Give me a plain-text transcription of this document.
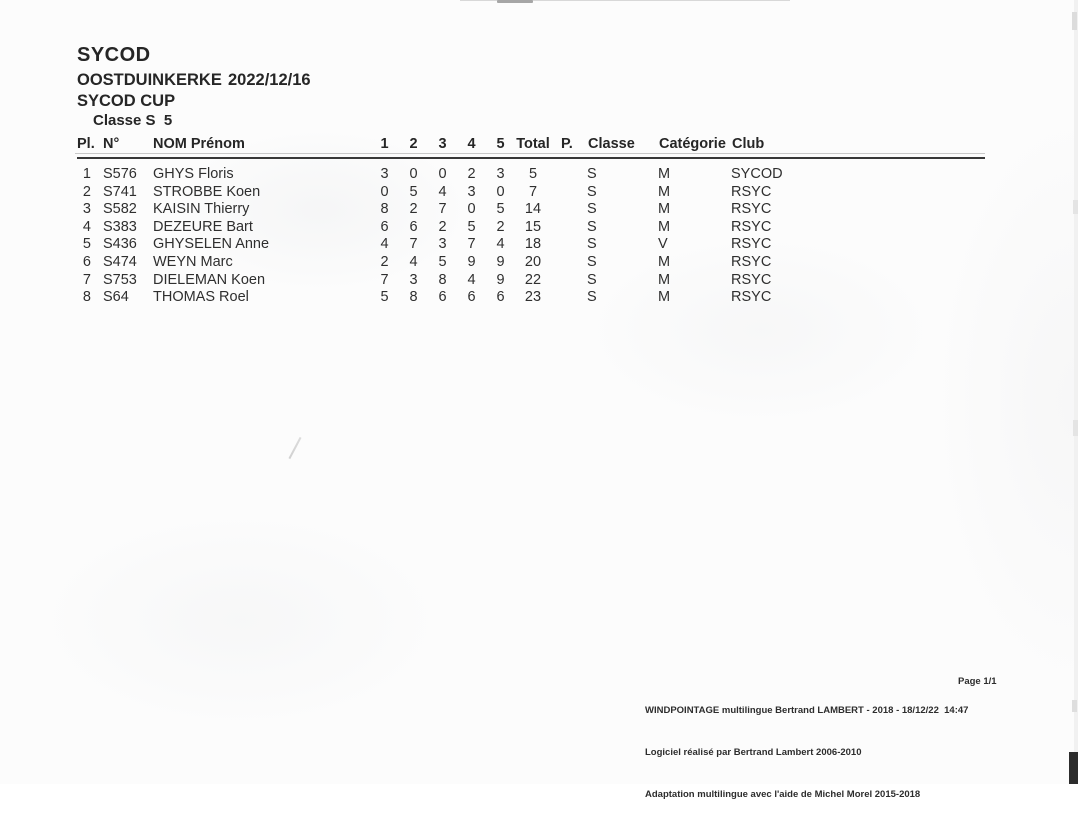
SYCOD
OOSTDUINKERKE 2022/12/16
SYCOD CUP
Classe S  5
Pl.	N°	NOM Prénom	1	2	3	4	5	Total	P.	Classe	Catégorie	Club
1	S576	GHYS Floris	3	0	0	2	3	5		S	M	SYCOD
2	S741	STROBBE Koen	0	5	4	3	0	7		S	M	RSYC
3	S582	KAISIN Thierry	8	2	7	0	5	14		S	M	RSYC
4	S383	DEZEURE Bart	6	6	2	5	2	15		S	M	RSYC
5	S436	GHYSELEN Anne	4	7	3	7	4	18		S	V	RSYC
6	S474	WEYN Marc	2	4	5	9	9	20		S	M	RSYC
7	S753	DIELEMAN Koen	7	3	8	4	9	22		S	M	RSYC
8	S64	THOMAS Roel	5	8	6	6	6	23		S	M	RSYC

WINDPOINTAGE multilingue Bertrand LAMBERT - 2018 - 18/12/22  14:47

Logiciel réalisé par Bertrand Lambert 2006-2010

Adaptation multilingue avec l'aide de Michel Morel 2015-2018

Page 1/1
